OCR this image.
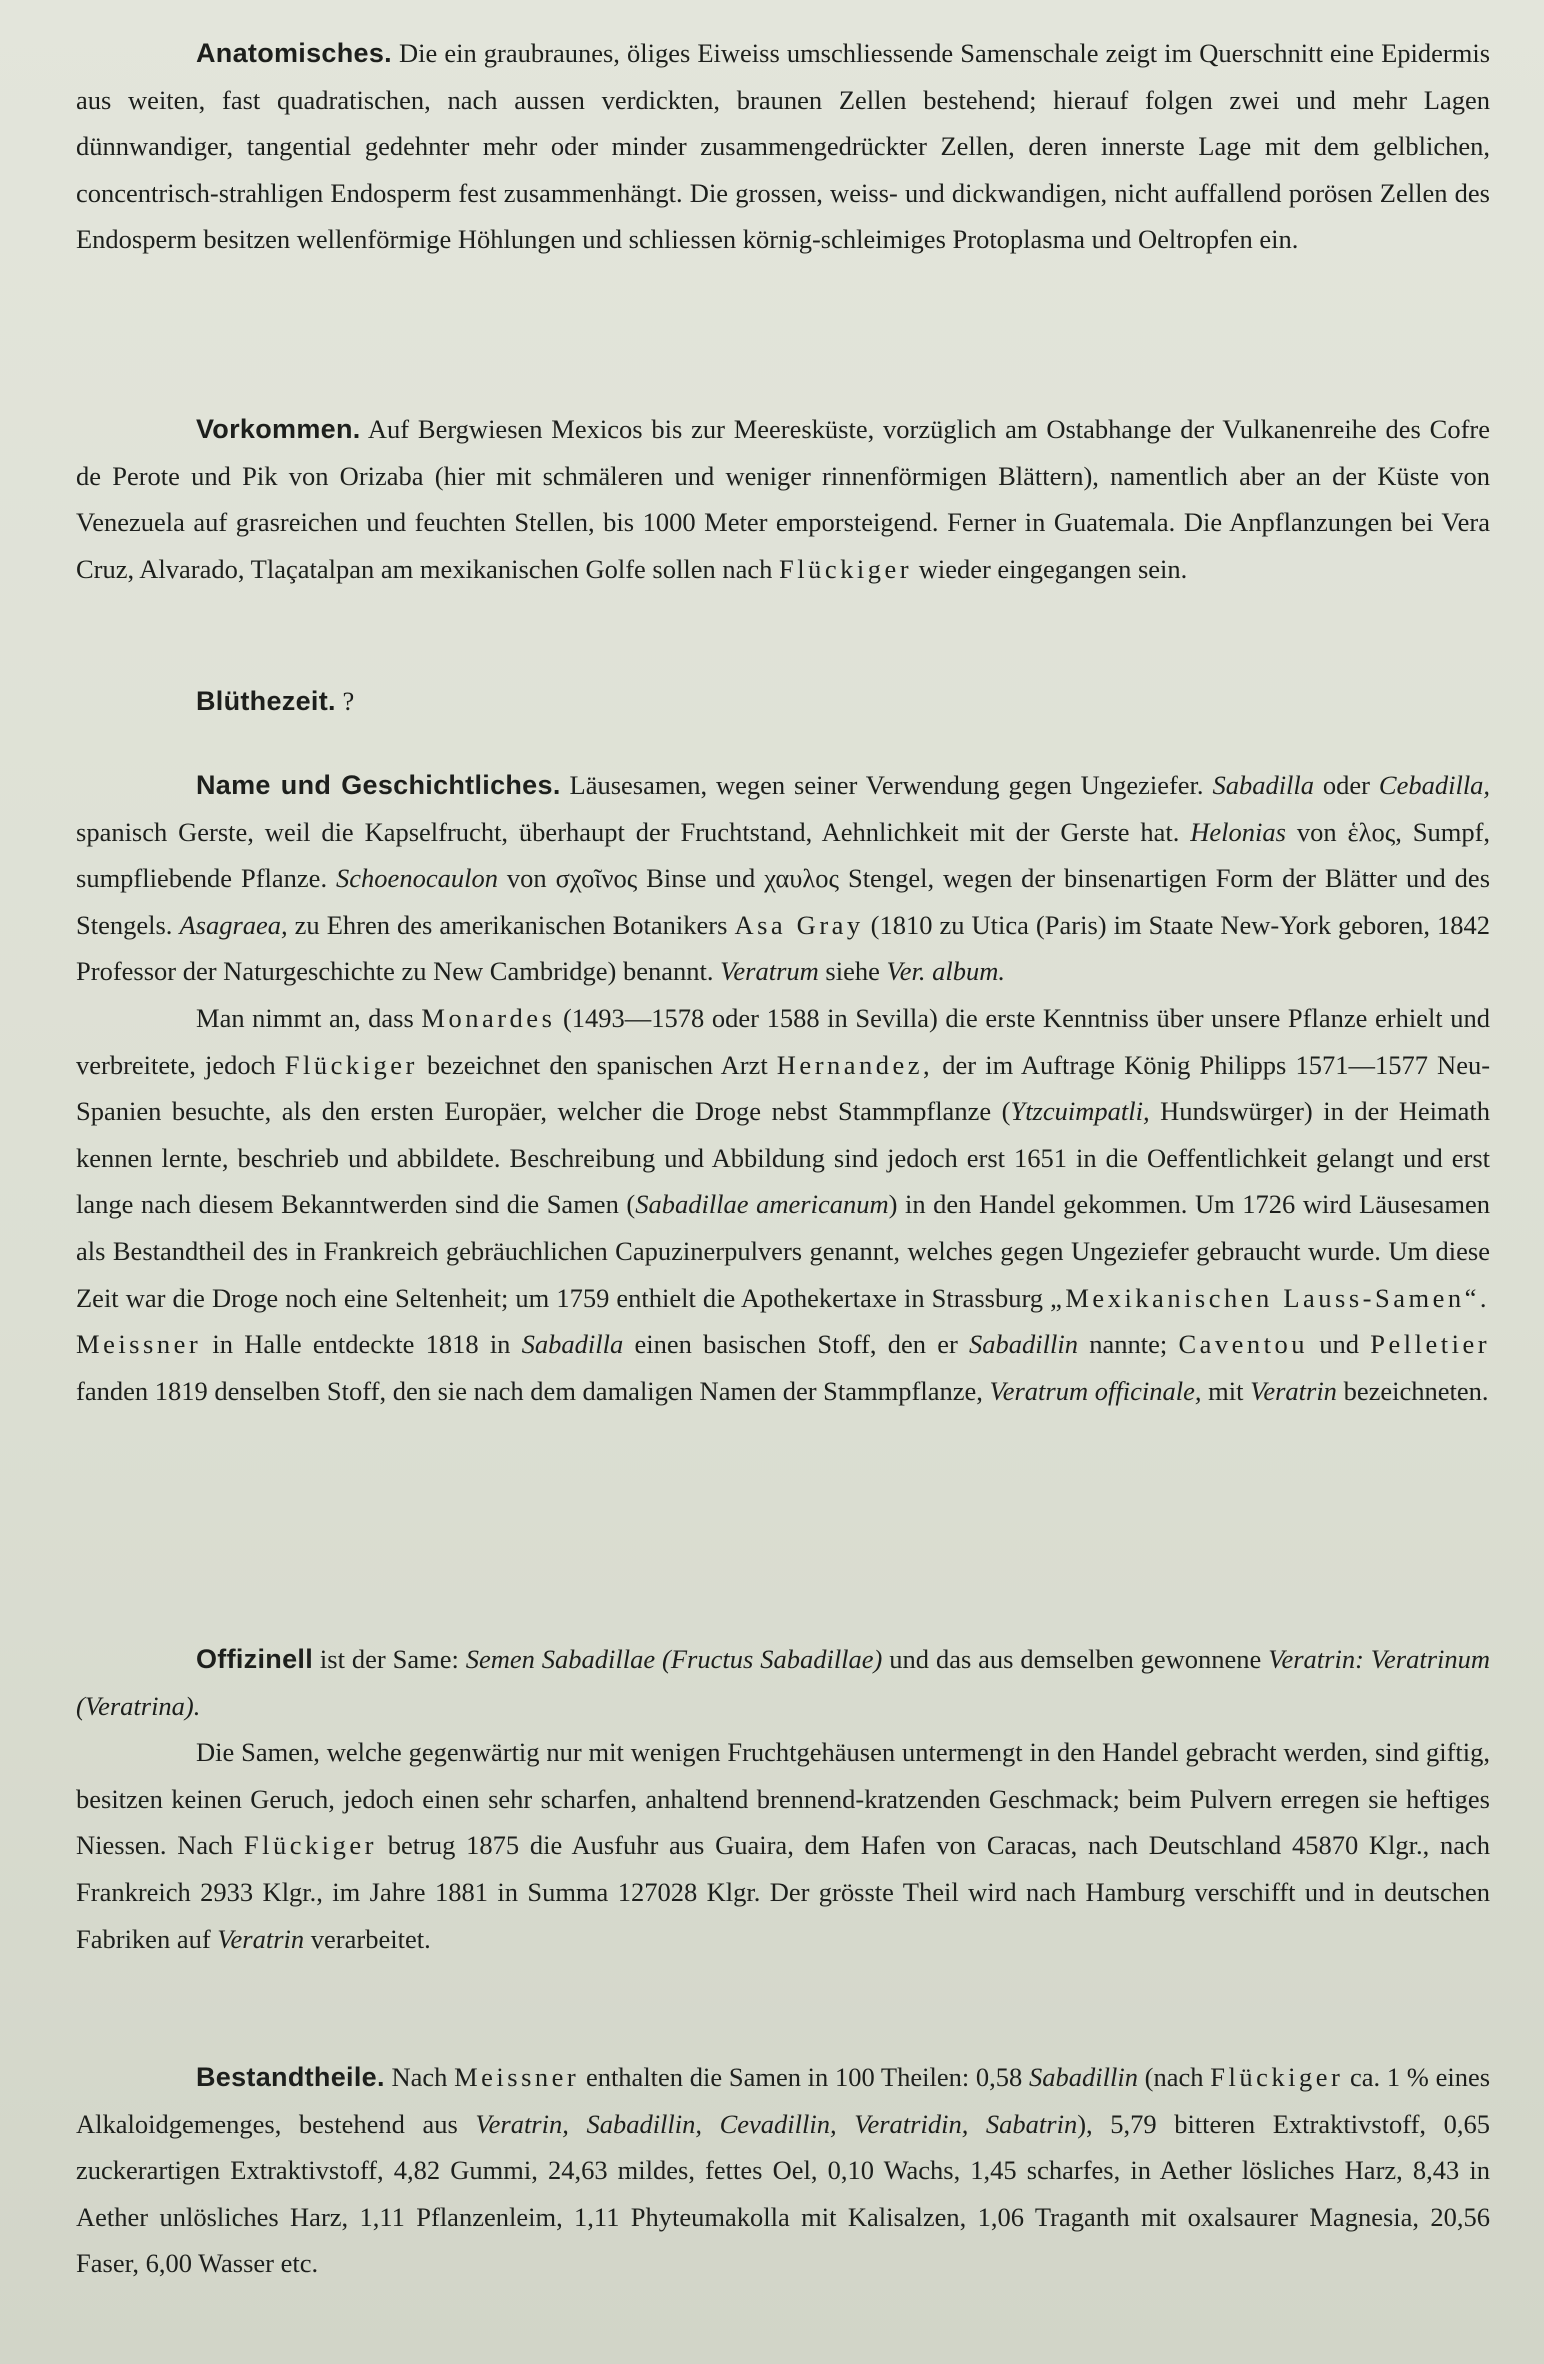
Anatomisches. Die ein graubraunes, öliges Eiweiss umschliessende Samenschale zeigt im Querschnitt eine Epidermis aus weiten, fast quadratischen, nach aussen verdickten, braunen Zellen bestehend; hierauf folgen zwei und mehr Lagen dünnwandiger, tangential gedehnter mehr oder minder zusammengedrückter Zellen, deren innerste Lage mit dem gelblichen, concentrisch-strahligen Endosperm fest zusammenhängt. Die grossen, weiss- und dickwandigen, nicht auffallend porösen Zellen des Endosperm besitzen wellenförmige Höhlungen und schliessen körnig-schleimiges Protoplasma und Oeltropfen ein.

Vorkommen. Auf Bergwiesen Mexicos bis zur Meeresküste, vorzüglich am Ostabhange der Vulkanenreihe des Cofre de Perote und Pik von Orizaba (hier mit schmäleren und weniger rinnenförmigen Blättern), namentlich aber an der Küste von Venezuela auf grasreichen und feuchten Stellen, bis 1000 Meter emporsteigend. Ferner in Guatemala. Die Anpflanzungen bei Vera Cruz, Alvarado, Tlaçatalpan am mexikanischen Golfe sollen nach Flückiger wieder eingegangen sein.

Blüthezeit. ?

Name und Geschichtliches. Läusesamen, wegen seiner Verwendung gegen Ungeziefer. Sabadilla oder Cebadilla, spanisch Gerste, weil die Kapselfrucht, überhaupt der Fruchtstand, Aehnlichkeit mit der Gerste hat. Helonias von ἑλος, Sumpf, sumpfliebende Pflanze. Schoenocaulon von σχοῖνος Binse und χαυλος Stengel, wegen der binsenartigen Form der Blätter und des Stengels. Asagraea, zu Ehren des amerikanischen Botanikers Asa Gray (1810 zu Utica (Paris) im Staate New-York geboren, 1842 Professor der Naturgeschichte zu New Cambridge) benannt. Veratrum siehe Ver. album.

Man nimmt an, dass Monardes (1493—1578 oder 1588 in Sevilla) die erste Kenntniss über unsere Pflanze erhielt und verbreitete, jedoch Flückiger bezeichnet den spanischen Arzt Hernandez, der im Auftrage König Philipps 1571—1577 Neu-Spanien besuchte, als den ersten Europäer, welcher die Droge nebst Stammpflanze (Ytzcuimpatli, Hundswürger) in der Heimath kennen lernte, beschrieb und abbildete. Beschreibung und Abbildung sind jedoch erst 1651 in die Oeffentlichkeit gelangt und erst lange nach diesem Bekanntwerden sind die Samen (Sabadillae americanum) in den Handel gekommen. Um 1726 wird Läusesamen als Bestandtheil des in Frankreich gebräuchlichen Capuzinerpulvers genannt, welches gegen Ungeziefer gebraucht wurde. Um diese Zeit war die Droge noch eine Seltenheit; um 1759 enthielt die Apothekertaxe in Strassburg „Mexikanischen Lauss-Samen“. Meissner in Halle entdeckte 1818 in Sabadilla einen basischen Stoff, den er Sabadillin nannte; Caventou und Pelletier fanden 1819 denselben Stoff, den sie nach dem damaligen Namen der Stammpflanze, Veratrum officinale, mit Veratrin bezeichneten.

Offizinell ist der Same: Semen Sabadillae (Fructus Sabadillae) und das aus demselben gewonnene Veratrin: Veratrinum (Veratrina).

Die Samen, welche gegenwärtig nur mit wenigen Fruchtgehäusen untermengt in den Handel gebracht werden, sind giftig, besitzen keinen Geruch, jedoch einen sehr scharfen, anhaltend brennend-kratzenden Geschmack; beim Pulvern erregen sie heftiges Niessen. Nach Flückiger betrug 1875 die Ausfuhr aus Guaira, dem Hafen von Caracas, nach Deutschland 45870 Klgr., nach Frankreich 2933 Klgr., im Jahre 1881 in Summa 127028 Klgr. Der grösste Theil wird nach Hamburg verschifft und in deutschen Fabriken auf Veratrin verarbeitet.

Bestandtheile. Nach Meissner enthalten die Samen in 100 Theilen: 0,58 Sabadillin (nach Flückiger ca. 1 % eines Alkaloidgemenges, bestehend aus Veratrin, Sabadillin, Cevadillin, Veratridin, Sabatrin), 5,79 bitteren Extraktivstoff, 0,65 zuckerartigen Extraktivstoff, 4,82 Gummi, 24,63 mildes, fettes Oel, 0,10 Wachs, 1,45 scharfes, in Aether lösliches Harz, 8,43 in Aether unlösliches Harz, 1,11 Pflanzenleim, 1,11 Phyteumakolla mit Kalisalzen, 1,06 Traganth mit oxalsaurer Magnesia, 20,56 Faser, 6,00 Wasser etc.
